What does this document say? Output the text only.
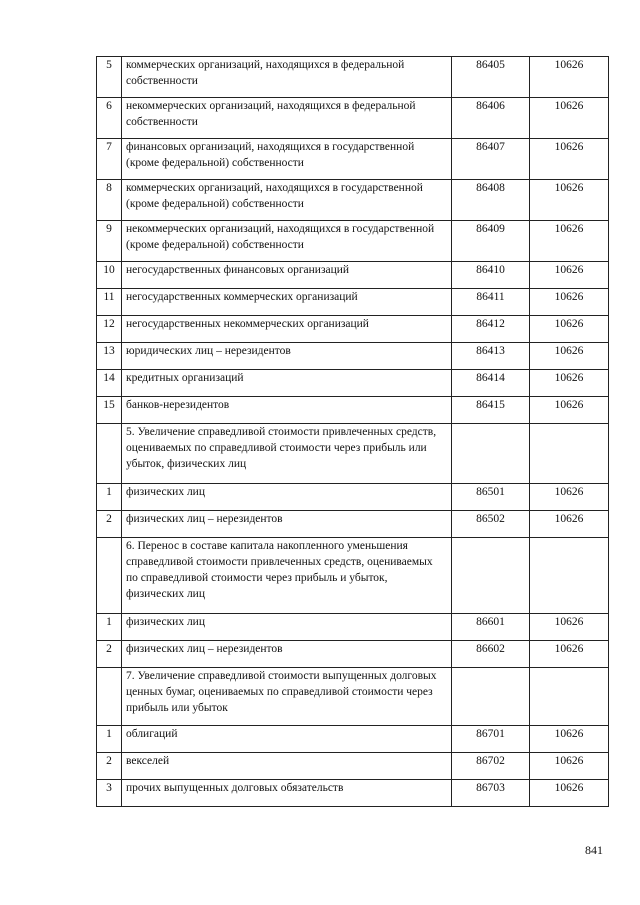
5	коммерческих организаций, находящихся в федеральной собственности	86405	10626
6	некоммерческих организаций, находящихся в федеральной собственности	86406	10626
7	финансовых организаций, находящихся в государственной (кроме федеральной) собственности	86407	10626
8	коммерческих организаций, находящихся в государственной (кроме федеральной) собственности	86408	10626
9	некоммерческих организаций, находящихся в государственной (кроме федеральной) собственности	86409	10626
10	негосударственных финансовых организаций	86410	10626
11	негосударственных коммерческих организаций	86411	10626
12	негосударственных некоммерческих организаций	86412	10626
13	юридических лиц – нерезидентов	86413	10626
14	кредитных организаций	86414	10626
15	банков-нерезидентов	86415	10626
	5. Увеличение справедливой стоимости привлеченных средств, оцениваемых по справедливой стоимости через прибыль или убыток, физических лиц		
1	физических лиц	86501	10626
2	физических лиц – нерезидентов	86502	10626
	6. Перенос в составе капитала накопленного уменьшения справедливой стоимости привлеченных средств, оцениваемых по справедливой стоимости через прибыль и убыток, физических лиц		
1	физических лиц	86601	10626
2	физических лиц – нерезидентов	86602	10626
	7. Увеличение справедливой стоимости выпущенных долговых ценных бумаг, оцениваемых по справедливой стоимости через прибыль или убыток		
1	облигаций	86701	10626
2	векселей	86702	10626
3	прочих выпущенных долговых обязательств	86703	10626
841
